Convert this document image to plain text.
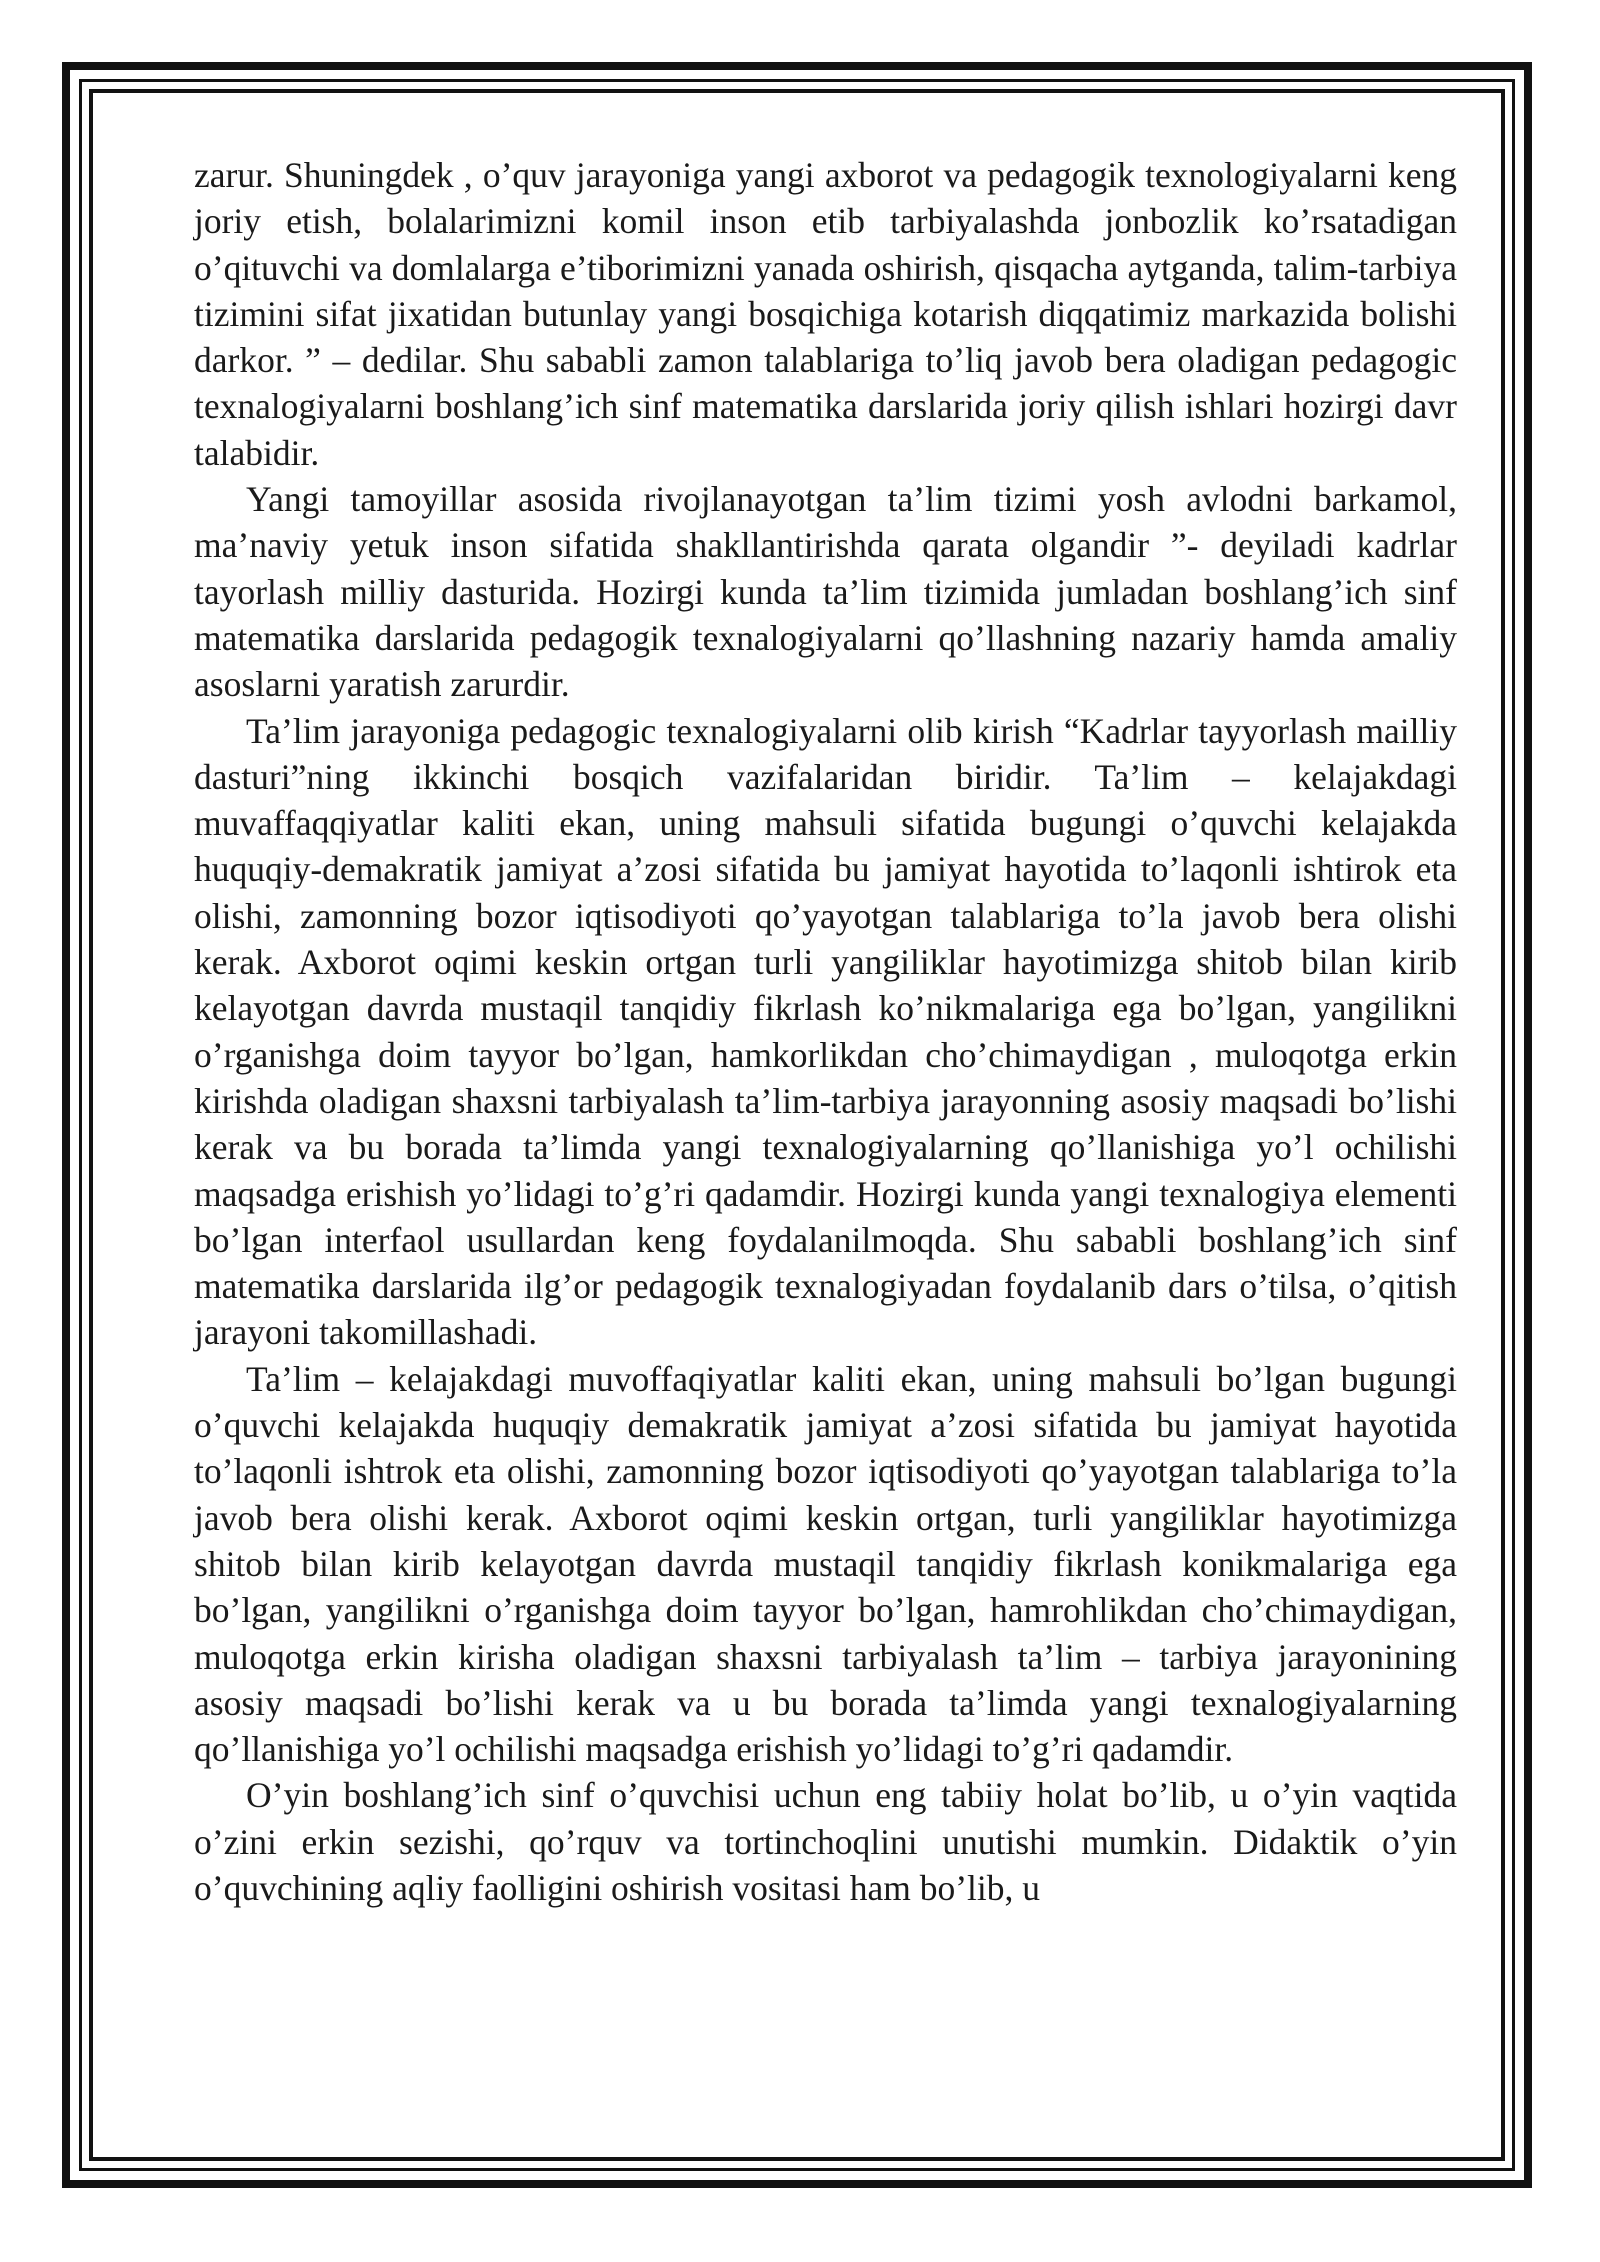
zarur. Shuningdek , o’quv jarayoniga yangi axborot va pedagogik texnologiyalarni keng joriy etish, bolalarimizni komil inson etib tarbiyalashda jonbozlik ko’rsatadigan o’qituvchi va domlalarga e’tiborimizni yanada oshirish, qisqacha aytganda, talim-tarbiya tizimini sifat jixatidan butunlay yangi bosqichiga kotarish diqqatimiz markazida bolishi darkor. ” – dedilar. Shu sababli zamon talablariga to’liq javob bera oladigan pedagogic texnalogiyalarni boshlang’ich sinf matematika darslarida joriy qilish ishlari hozirgi davr talabidir.

Yangi tamoyillar asosida rivojlanayotgan ta’lim tizimi yosh avlodni barkamol, ma’naviy yetuk inson sifatida shakllantirishda qarata olgandir ”- deyiladi kadrlar tayorlash milliy dasturida. Hozirgi kunda ta’lim tizimida jumladan boshlang’ich sinf matematika darslarida pedagogik texnalogiyalarni qo’llashning nazariy hamda amaliy asoslarni yaratish zarurdir.

Ta’lim jarayoniga pedagogic texnalogiyalarni olib kirish “Kadrlar tayyorlash mailliy dasturi”ning ikkinchi bosqich vazifalaridan biridir. Ta’lim – kelajakdagi muvaffaqqiyatlar kaliti ekan, uning mahsuli sifatida bugungi o’quvchi kelajakda huquqiy-demakratik jamiyat a’zosi sifatida bu jamiyat hayotida to’laqonli ishtirok eta olishi, zamonning bozor iqtisodiyoti qo’yayotgan talablariga to’la javob bera olishi kerak. Axborot oqimi keskin ortgan turli yangiliklar hayotimizga shitob bilan kirib kelayotgan davrda mustaqil tanqidiy fikrlash ko’nikmalariga ega bo’lgan, yangilikni o’rganishga doim tayyor bo’lgan, hamkorlikdan cho’chimaydigan , muloqotga erkin kirishda oladigan shaxsni tarbiyalash ta’lim-tarbiya jarayonning asosiy maqsadi bo’lishi kerak va bu borada ta’limda yangi texnalogiyalarning qo’llanishiga yo’l ochilishi maqsadga erishish yo’lidagi to’g’ri qadamdir. Hozirgi kunda yangi texnalogiya elementi bo’lgan interfaol usullardan keng foydalanilmoqda. Shu sababli boshlang’ich sinf matematika darslarida ilg’or pedagogik texnalogiyadan foydalanib dars o’tilsa, o’qitish jarayoni takomillashadi.

Ta’lim – kelajakdagi muvoffaqiyatlar kaliti ekan, uning mahsuli bo’lgan bugungi o’quvchi kelajakda huquqiy demakratik jamiyat a’zosi sifatida bu jamiyat hayotida to’laqonli ishtrok eta olishi, zamonning bozor iqtisodiyoti qo’yayotgan talablariga to’la javob bera olishi kerak. Axborot oqimi keskin ortgan, turli yangiliklar hayotimizga shitob bilan kirib kelayotgan davrda mustaqil tanqidiy fikrlash konikmalariga ega bo’lgan, yangilikni o’rganishga doim tayyor bo’lgan, hamrohlikdan cho’chimaydigan, muloqotga erkin kirisha oladigan shaxsni tarbiyalash ta’lim – tarbiya jarayonining asosiy maqsadi bo’lishi kerak va u bu borada ta’limda yangi texnalogiyalarning qo’llanishiga yo’l ochilishi maqsadga erishish yo’lidagi to’g’ri qadamdir.

O’yin boshlang’ich sinf o’quvchisi uchun eng tabiiy holat bo’lib, u o’yin vaqtida o’zini erkin sezishi, qo’rquv va tortinchoqlini unutishi mumkin. Didaktik o’yin o’quvchining aqliy faolligini oshirish vositasi ham bo’lib, u
